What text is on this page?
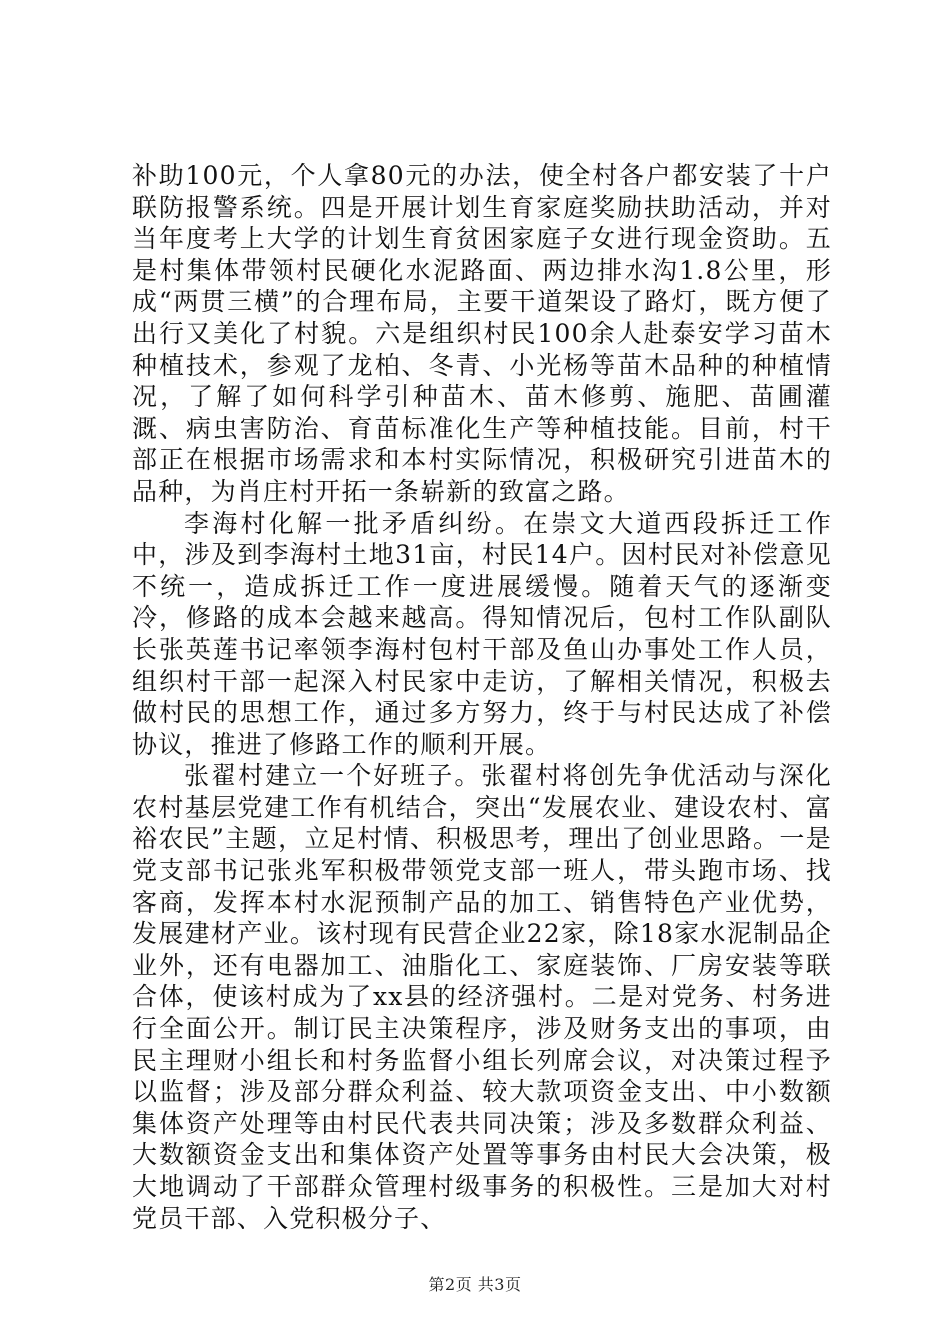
补助100元，个人拿80元的办法，使全村各户都安装了十户联防报警系统。四是开展计划生育家庭奖励扶助活动，并对当年度考上大学的计划生育贫困家庭子女进行现金资助。五是村集体带领村民硬化水泥路面、两边排水沟1.8公里，形成“两贯三横”的合理布局，主要干道架设了路灯，既方便了出行又美化了村貌。六是组织村民100余人赴泰安学习苗木种植技术，参观了龙柏、冬青、小光杨等苗木品种的种植情况，了解了如何科学引种苗木、苗木修剪、施肥、苗圃灌溉、病虫害防治、育苗标准化生产等种植技能。目前，村干部正在根据市场需求和本村实际情况，积极研究引进苗木的品种，为肖庄村开拓一条崭新的致富之路。

李海村化解一批矛盾纠纷。在崇文大道西段拆迁工作中，涉及到李海村土地31亩，村民14户。因村民对补偿意见不统一，造成拆迁工作一度进展缓慢。随着天气的逐渐变冷，修路的成本会越来越高。得知情况后，包村工作队副队长张英莲书记率领李海村包村干部及鱼山办事处工作人员，组织村干部一起深入村民家中走访，了解相关情况，积极去做村民的思想工作，通过多方努力，终于与村民达成了补偿协议，推进了修路工作的顺利开展。

张翟村建立一个好班子。张翟村将创先争优活动与深化农村基层党建工作有机结合，突出“发展农业、建设农村、富裕农民”主题，立足村情、积极思考，理出了创业思路。一是党支部书记张兆军积极带领党支部一班人，带头跑市场、找客商，发挥本村水泥预制产品的加工、销售特色产业优势，发展建材产业。该村现有民营企业22家，除18家水泥制品企业外，还有电器加工、油脂化工、家庭装饰、厂房安装等联合体，使该村成为了xx县的经济强村。二是对党务、村务进行全面公开。制订民主决策程序，涉及财务支出的事项，由民主理财小组长和村务监督小组长列席会议，对决策过程予以监督；涉及部分群众利益、较大款项资金支出、中小数额集体资产处理等由村民代表共同决策；涉及多数群众利益、大数额资金支出和集体资产处置等事务由村民大会决策，极大地调动了干部群众管理村级事务的积极性。三是加大对村党员干部、入党积极分子、

第2页 共3页
